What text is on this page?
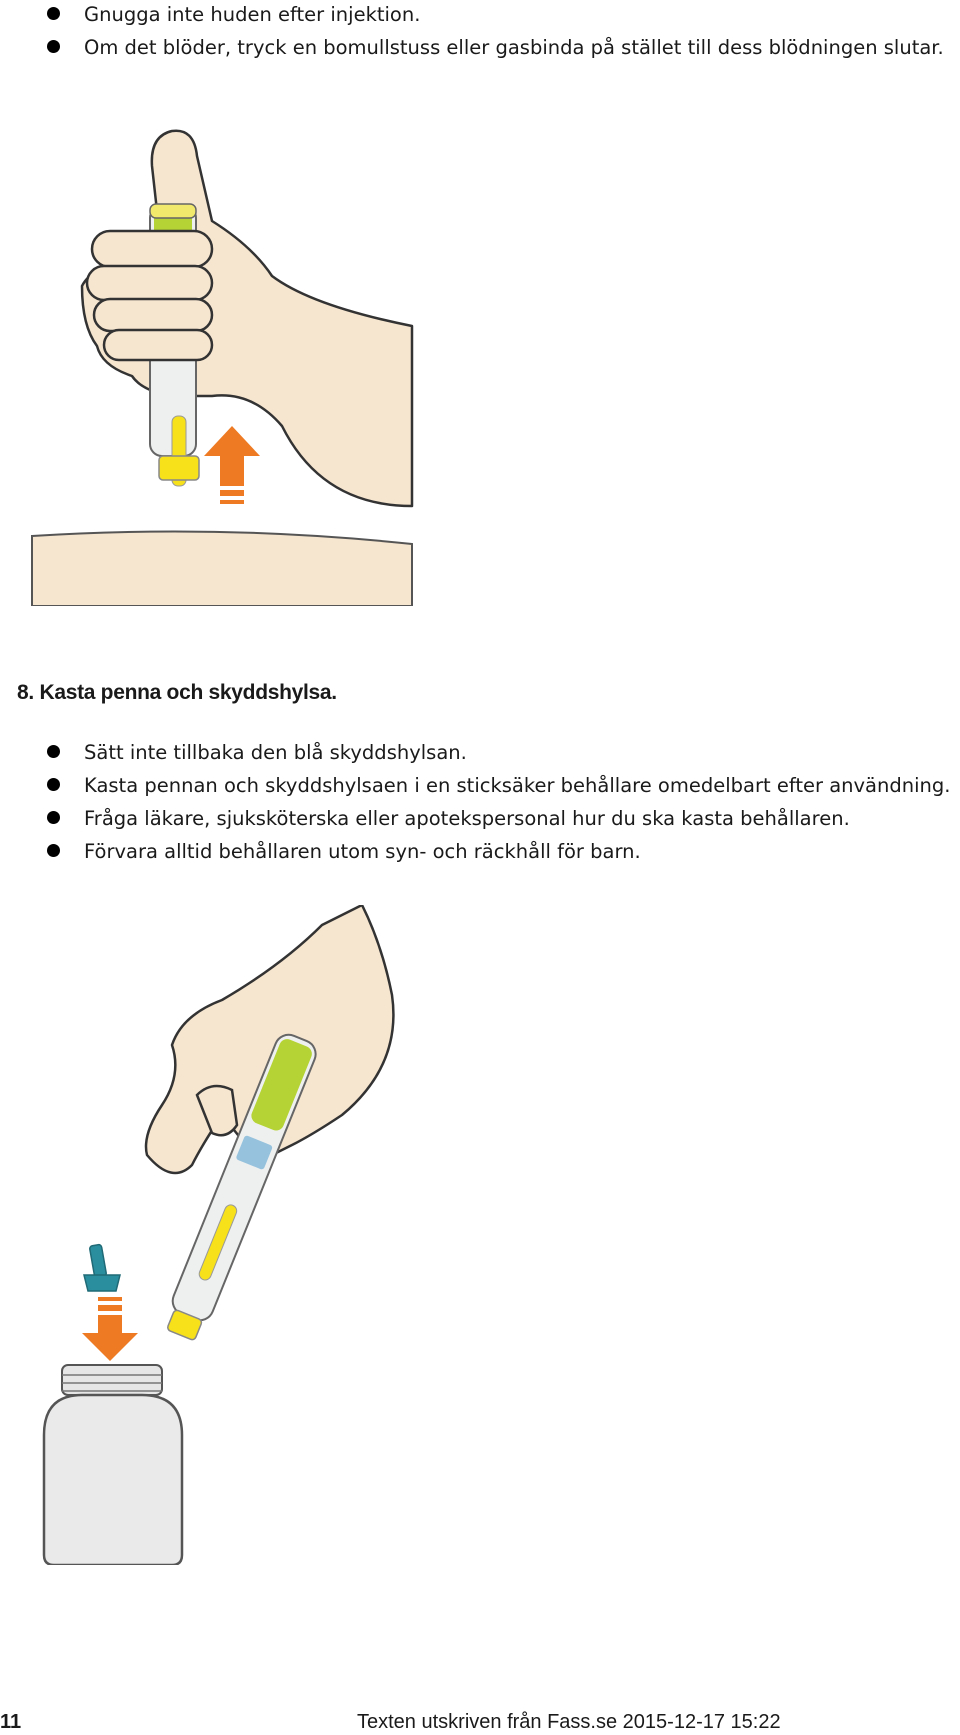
Gnugga inte huden efter injektion.
Om det blöder, tryck en bomullstuss eller gasbinda på stället till dess blödningen slutar.
8. Kasta penna och skyddshylsa.
Sätt inte tillbaka den blå skyddshylsan.
Kasta pennan och skyddshylsaen i en sticksäker behållare omedelbart efter användning.
Fråga läkare, sjuksköterska eller apotekspersonal hur du ska kasta behållaren.
Förvara alltid behållaren utom syn- och räckhåll för barn.
11	Texten utskriven från Fass.se 2015-12-17 15:22
